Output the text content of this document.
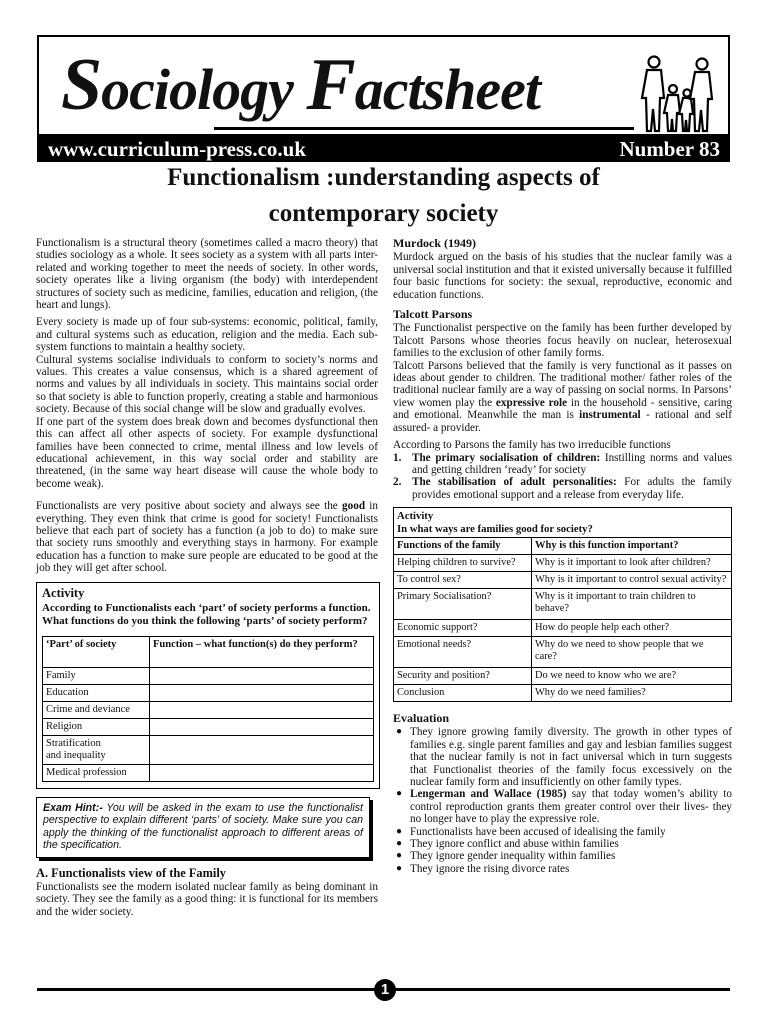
Sociology Factsheet
www.curriculum-press.co.uk	Number 83
Functionalism :understanding aspects of
contemporary society

Functionalism is a structural theory (sometimes called a macro theory) that studies sociology as a whole. It sees society as a system with all parts inter-related and working together to meet the needs of society. In other words, society operates like a living organism (the body) with interdependent structures of society such as medicine, families, education and religion, (the heart and lungs).

Every society is made up of four sub-systems: economic, political, family, and cultural systems such as education, religion and the media. Each sub-system functions to maintain a healthy society.

Cultural systems socialise individuals to conform to society’s norms and values. This creates a value consensus, which is a shared agreement of norms and values by all individuals in society. This maintains social order so that society is able to function properly, creating a stable and harmonious society. Because of this social change will be slow and gradually evolves.

If one part of the system does break down and becomes dysfunctional then this can affect all other aspects of society. For example dysfunctional families have been connected to crime, mental illness and low levels of educational achievement, in this way social order and stability are threatened, (in the same way heart disease will cause the whole body to become weak).

Functionalists are very positive about society and always see the good in everything. They even think that crime is good for society! Functionalists believe that each part of society has a function (a job to do) to make sure that society runs smoothly and everything stays in harmony. For example education has a function to make sure people are educated to be good at the job they will get after school.

Activity
According to Functionalists each ‘part’ of society performs a function. What functions do you think the following ‘parts’ of society perform?
‘Part’ of society	Function – what function(s) do they perform?
Family	
Education	
Crime and deviance	
Religion	
Stratification
and inequality	
Medical profession	
Exam Hint:- You will be asked in the exam to use the functionalist perspective to explain different ‘parts’ of society. Make sure you can apply the thinking of the functionalist approach to different areas of the specification.
A. Functionalists view of the Family

Functionalists see the modern isolated nuclear family as being dominant in society. They see the family as a good thing: it is functional for its members and the wider society.

Murdock (1949)

Murdock argued on the basis of his studies that the nuclear family was a universal social institution and that it existed universally because it fulfilled four basic functions for society: the sexual, reproductive, economic and education functions.

Talcott Parsons

The Functionalist perspective on the family has been further developed by Talcott Parsons whose theories focus heavily on nuclear, heterosexual families to the exclusion of other family forms.

Talcott Parsons believed that the family is very functional as it passes on ideas about gender to children. The traditional mother/ father roles of the traditional nuclear family are a way of passing on social norms. In Parsons’ view women play the expressive role in the household - sensitive, caring and emotional. Meanwhile the man is instrumental - rational and self assured- a provider.

According to Parsons the family has two irreducible functions

1. The primary socialisation of children: Instilling norms and values and getting children ‘ready’ for society
2. The stabilisation of adult personalities: For adults the family provides emotional support and a release from everyday life.
Activity
In what ways are families good for society?	

Functions of the family	Why is this function important?
Helping children to survive?	Why is it important to look after children?
To control sex?	Why is it important to control sexual activity?
Primary Socialisation?	Why is it important to train children to behave?
Economic support?	How do people help each other?
Emotional needs?	Why do we need to show people that we care?
Security and position?	Do we need to know who we are?
Conclusion	Why do we need families?
Evaluation
● They ignore growing family diversity. The growth in other types of families e.g. single parent families and gay and lesbian families suggest that the nuclear family is not in fact universal which in turn suggests that Functionalist theories of the family focus excessively on the nuclear family form and insufficiently on other family types.
● Lengerman and Wallace (1985) say that today women’s ability to control reproduction grants them greater control over their lives- they no longer have to play the expressive role.
● Functionalists have been accused of idealising the family
● They ignore conflict and abuse within families
● They ignore gender inequality within families
● They ignore the rising divorce rates
1
